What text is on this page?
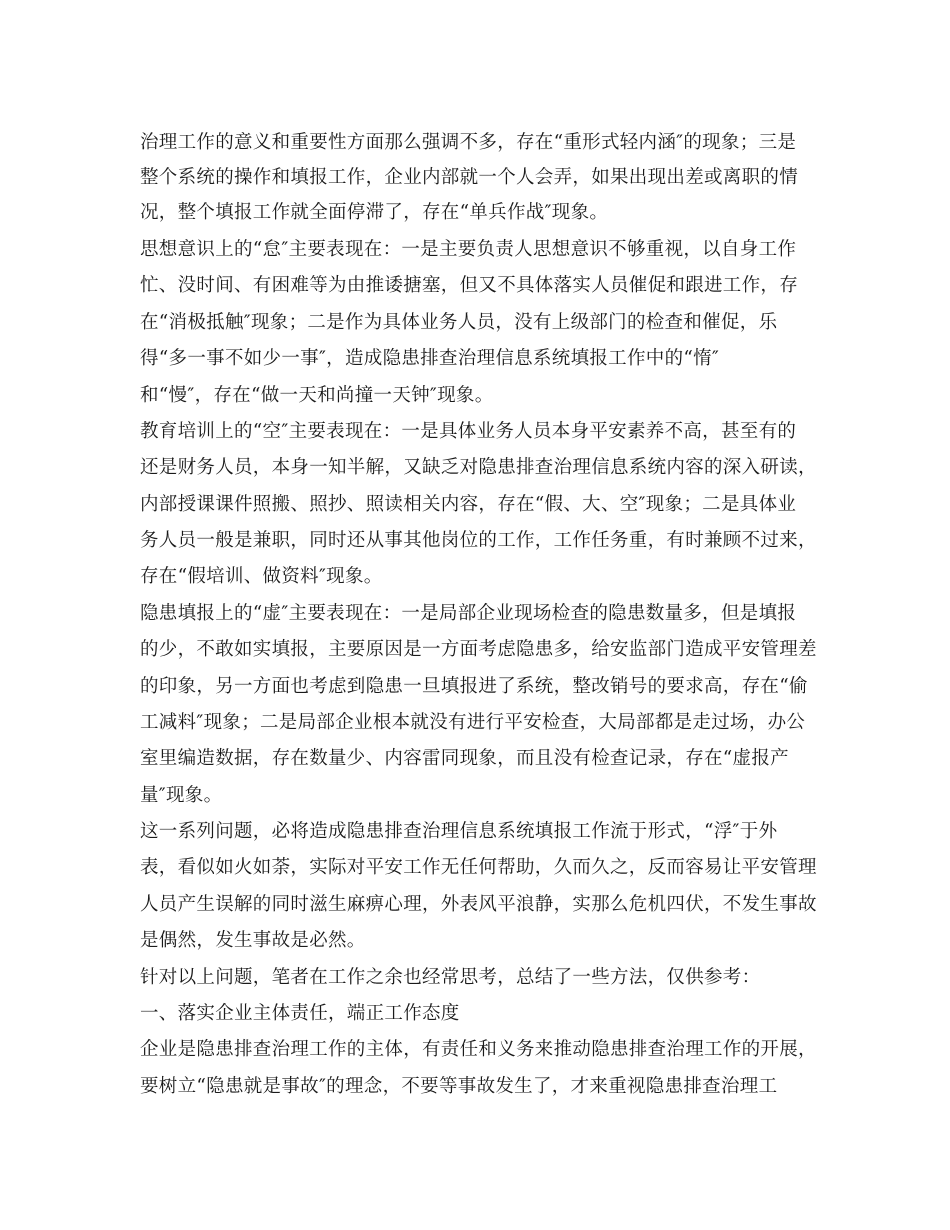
治理工作的意义和重要性方面那么强调不多，存在“重形式轻内涵″的现象；三是
整个系统的操作和填报工作，企业内部就一个人会弄，如果出现出差或离职的情
况，整个填报工作就全面停滞了，存在“单兵作战″现象。
思想意识上的“怠″主要表现在：一是主要负责人思想意识不够重视，以自身工作
忙、没时间、有困难等为由推诿搪塞，但又不具体落实人员催促和跟进工作，存
在“消极抵触″现象；二是作为具体业务人员，没有上级部门的检查和催促，乐
得“多一事不如少一事″，造成隐患排查治理信息系统填报工作中的“惰″
和“慢″，存在“做一天和尚撞一天钟″现象。
教育培训上的“空″主要表现在：一是具体业务人员本身平安素养不高，甚至有的
还是财务人员，本身一知半解，又缺乏对隐患排查治理信息系统内容的深入研读，
内部授课课件照搬、照抄、照读相关内容，存在“假、大、空″现象；二是具体业
务人员一般是兼职，同时还从事其他岗位的工作，工作任务重，有时兼顾不过来，
存在“假培训、做资料″现象。
隐患填报上的“虚″主要表现在：一是局部企业现场检查的隐患数量多，但是填报
的少，不敢如实填报，主要原因是一方面考虑隐患多，给安监部门造成平安管理差
的印象，另一方面也考虑到隐患一旦填报进了系统，整改销号的要求高，存在“偷
工减料″现象；二是局部企业根本就没有进行平安检查，大局部都是走过场，办公
室里编造数据，存在数量少、内容雷同现象，而且没有检查记录，存在“虚报产
量″现象。
这一系列问题，必将造成隐患排查治理信息系统填报工作流于形式，“浮″于外
表，看似如火如荼，实际对平安工作无任何帮助，久而久之，反而容易让平安管理
人员产生误解的同时滋生麻痹心理，外表风平浪静，实那么危机四伏，不发生事故
是偶然，发生事故是必然。
针对以上问题，笔者在工作之余也经常思考，总结了一些方法，仅供参考：
一、落实企业主体责任，端正工作态度
企业是隐患排查治理工作的主体，有责任和义务来推动隐患排查治理工作的开展，
要树立“隐患就是事故″的理念，不要等事故发生了，才来重视隐患排查治理工
